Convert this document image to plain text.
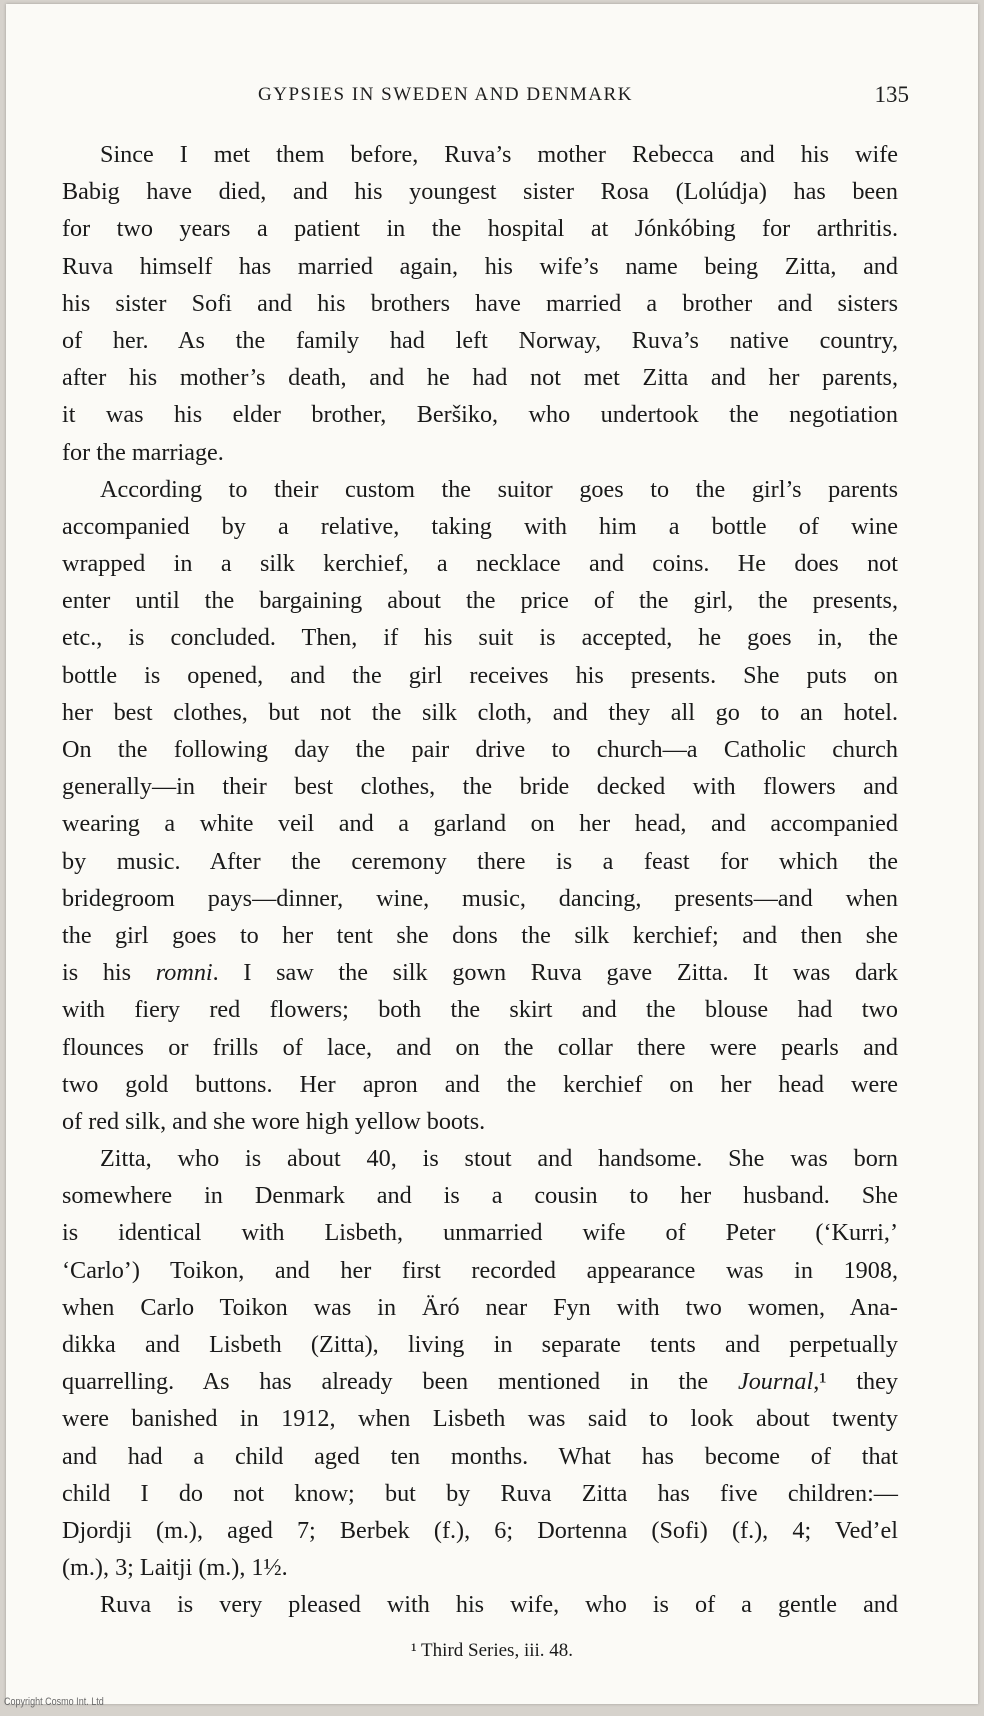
GYPSIES IN SWEDEN AND DENMARK	135
Since I met them before, Ruva’s mother Rebecca and his wife
Babig have died, and his youngest sister Rosa (Lolúdja) has been
for two years a patient in the hospital at Jónkóbing for arthritis.
Ruva himself has married again, his wife’s name being Zitta, and
his sister Sofi and his brothers have married a brother and sisters
of her. As the family had left Norway, Ruva’s native country,
after his mother’s death, and he had not met Zitta and her parents,
it was his elder brother, Beršiko, who undertook the negotiation
for the marriage.
According to their custom the suitor goes to the girl’s parents
accompanied by a relative, taking with him a bottle of wine
wrapped in a silk kerchief, a necklace and coins. He does not
enter until the bargaining about the price of the girl, the presents,
etc., is concluded. Then, if his suit is accepted, he goes in, the
bottle is opened, and the girl receives his presents. She puts on
her best clothes, but not the silk cloth, and they all go to an hotel.
On the following day the pair drive to church—a Catholic church
generally—in their best clothes, the bride decked with flowers and
wearing a white veil and a garland on her head, and accompanied
by music. After the ceremony there is a feast for which the
bridegroom pays—dinner, wine, music, dancing, presents—and when
the girl goes to her tent she dons the silk kerchief; and then she
is his romni. I saw the silk gown Ruva gave Zitta. It was dark
with fiery red flowers; both the skirt and the blouse had two
flounces or frills of lace, and on the collar there were pearls and
two gold buttons. Her apron and the kerchief on her head were
of red silk, and she wore high yellow boots.
Zitta, who is about 40, is stout and handsome. She was born
somewhere in Denmark and is a cousin to her husband. She
is identical with Lisbeth, unmarried wife of Peter (‘Kurri,’
‘Carlo’) Toikon, and her first recorded appearance was in 1908,
when Carlo Toikon was in Äró near Fyn with two women, Ana-
dikka and Lisbeth (Zitta), living in separate tents and perpetually
quarrelling. As has already been mentioned in the Journal,¹ they
were banished in 1912, when Lisbeth was said to look about twenty
and had a child aged ten months. What has become of that
child I do not know; but by Ruva Zitta has five children:—
Djordji (m.), aged 7; Berbek (f.), 6; Dortenna (Sofi) (f.), 4; Ved’el
(m.), 3; Laitji (m.), 1½.
Ruva is very pleased with his wife, who is of a gentle and
¹ Third Series, iii. 48.
Copyright Cosmo Int. Ltd
